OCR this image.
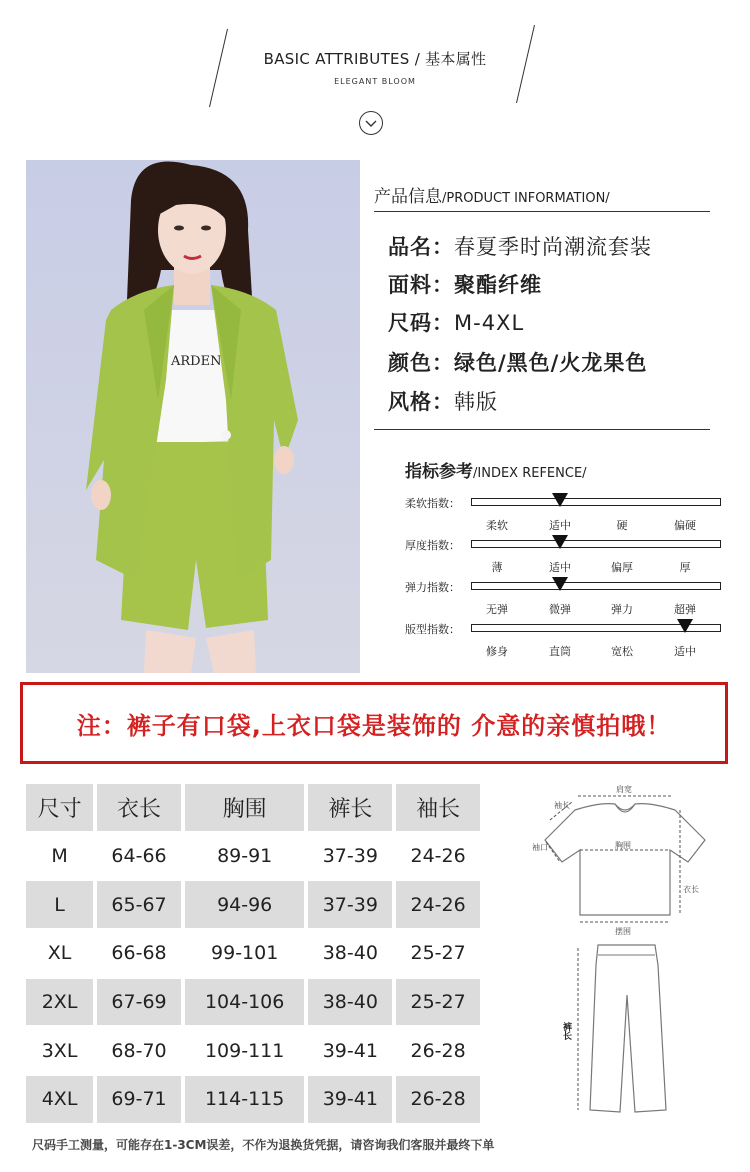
BASIC ATTRIBUTES / 基本属性
ELEGANT BLOOM
ARDEN
产品信息/PRODUCT INFORMATION/
品名：春夏季时尚潮流套装
面料：聚酯纤维
尺码：M-4XL
颜色：绿色/黑色/火龙果色
风格：韩版
指标参考/INDEX REFENCE/
柔软指数：
柔软	适中	硬	偏硬
厚度指数：
薄	适中	偏厚	厚
弹力指数：
无弹	微弹	弹力	超弹
版型指数：
修身	直筒	宽松	适中
注：裤子有口袋,上衣口袋是装饰的 介意的亲慎拍哦！
尺寸	衣长	胸围	裤长	袖长
M	64-66	89-91	37-39	24-26
L	65-67	94-96	37-39	24-26
XL	66-68	99-101	38-40	25-27
2XL	67-69	104-106	38-40	25-27
3XL	68-70	109-111	39-41	26-28
4XL	69-71	114-115	39-41	26-28
肩宽
袖长
袖口	胸围
衣长
摆围
裤长
尺码手工测量，可能存在1-3CM误差，不作为退换货凭据，请咨询我们客服并最终下单
